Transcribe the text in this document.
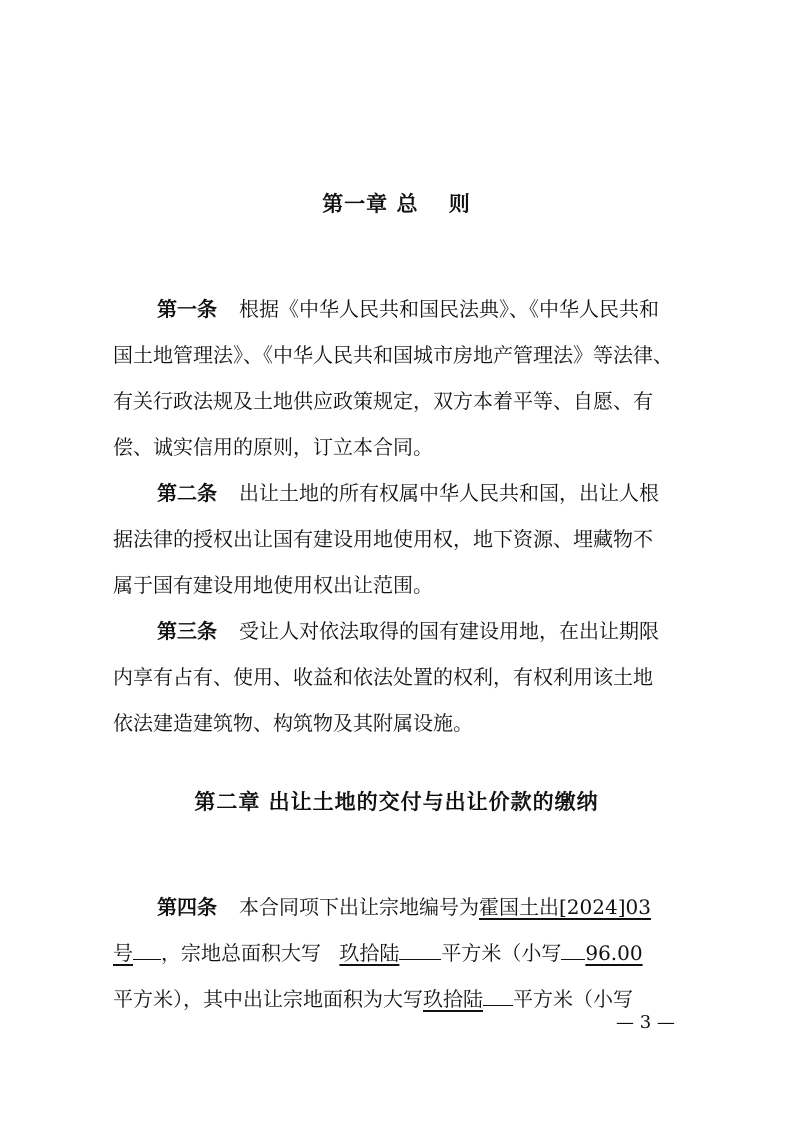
第一章 总　 则
第一条 根据《中华人民共和国民法典》、《中华人民共和
国土地管理法》、《中华人民共和国城市房地产管理法》等法律、
有关行政法规及土地供应政策规定，双方本着平等、自愿、有
偿、诚实信用的原则，订立本合同。
第二条 出让土地的所有权属中华人民共和国，出让人根
据法律的授权出让国有建设用地使用权，地下资源、埋藏物不
属于国有建设用地使用权出让范围。
第三条 受让人对依法取得的国有建设用地，在出让期限
内享有占有、使用、收益和依法处置的权利，有权利用该土地
依法建造建筑物、构筑物及其附属设施。
第二章 出让土地的交付与出让价款的缴纳
第四条 本合同项下出让宗地编号为霍国土出[2024]03
号 ，宗地总面积大写 玖拾陆 平方米（小写 96.00
平方米），其中出让宗地面积为大写玖拾陆 平方米（小写
— 3 —
